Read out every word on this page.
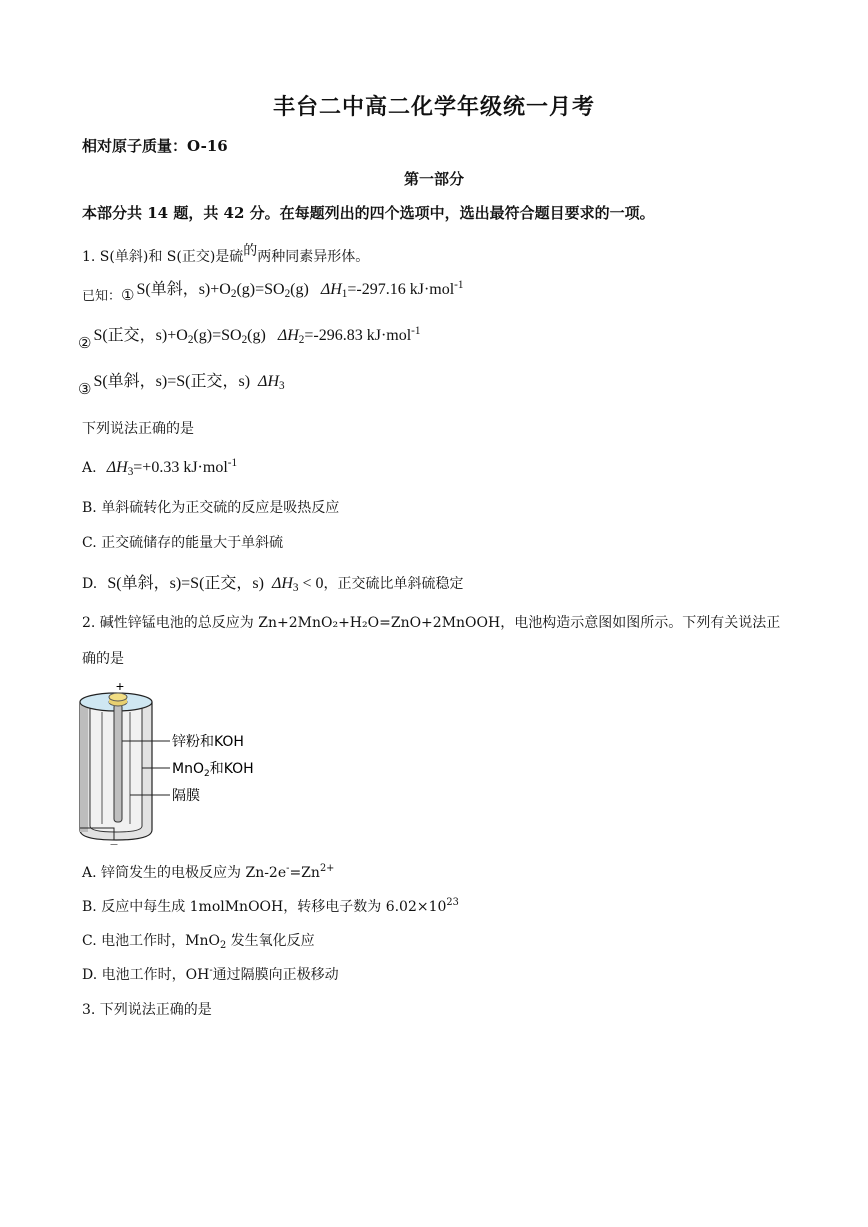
丰台二中高二化学年级统一月考
相对原子质量：O-16
第一部分
本部分共 14 题，共 42 分。在每题列出的四个选项中，选出最符合题目要求的一项。
1. S(单斜)和 S(正交)是硫的两种同素异形体。
已知：① S(单斜，$s)+O_2(g)=SO_2(g)$ $\Delta H_1=-297.16$ kJ·mol$^{-1}$
② S(正交，$s)+O_2(g)=SO_2(g)$ $\Delta H_2=-296.83$ kJ·mol$^{-1}$
③ S(单斜，s)=S(正交，s) $\Delta H_3$
下列说法正确的是
A. $\Delta H_3=+0.33$ kJ·mol$^{-1}$
B. 单斜硫转化为正交硫的反应是吸热反应
C. 正交硫储存的能量大于单斜硫
D. S(单斜，s)=S(正交，s) $\Delta H_3 < 0$，正交硫比单斜硫稳定
2. 碱性锌锰电池的总反应为 Zn+2MnO₂+H₂O=ZnO+2MnOOH，电池构造示意图如图所示。下列有关说法正
确的是
+
锌粉和KOH
MnO$_2$和KOH
隔膜
—
A. 锌筒发生的电极反应为 $Zn-2e^-=Zn^{2+}$
B. 反应中每生成 1molMnOOH，转移电子数为 $6.02\times 10^{23}$
C. 电池工作时，MnO$_2$ 发生氧化反应
D. 电池工作时，OH-通过隔膜向正极移动
3. 下列说法正确的是
